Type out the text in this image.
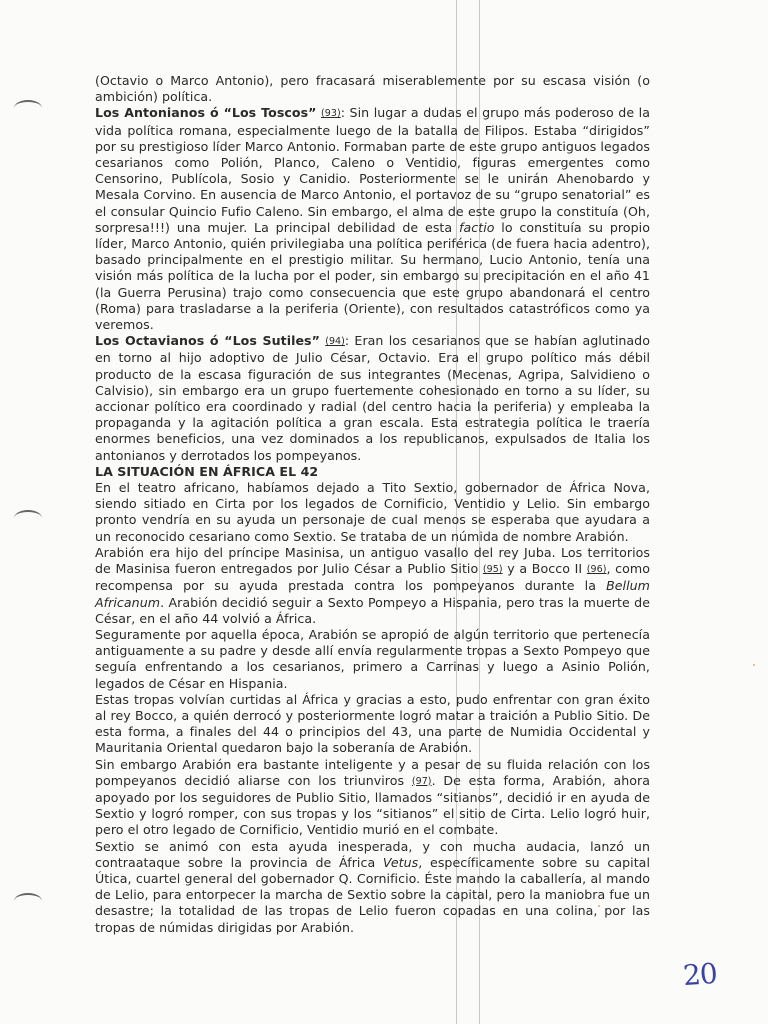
(Octavio o Marco Antonio), pero fracasará miserablemente por su escasa visión (o ambición) política.

Los Antonianos ó “Los Toscos” (93): Sin lugar a dudas el grupo más poderoso de la vida política romana, especialmente luego de la batalla de Filipos. Estaba “dirigidos” por su prestigioso líder Marco Antonio. Formaban parte de este grupo antiguos legados cesarianos como Polión, Planco, Caleno o Ventidio, figuras emergentes como Censorino, Publícola, Sosio y Canidio. Posteriormente se le unirán Ahenobardo y Mesala Corvino. En ausencia de Marco Antonio, el portavoz de su “grupo senatorial” es el consular Quincio Fufio Caleno. Sin embargo, el alma de este grupo la constituía (Oh, sorpresa!!!) una mujer. La principal debilidad de esta factio lo constituía su propio líder, Marco Antonio, quién privilegiaba una política periférica (de fuera hacia adentro), basado principalmente en el prestigio militar. Su hermano, Lucio Antonio, tenía una visión más política de la lucha por el poder, sin embargo su precipitación en el año 41 (la Guerra Perusina) trajo como consecuencia que este grupo abandonará el centro (Roma) para trasladarse a la periferia (Oriente), con resultados catastróficos como ya veremos.

Los Octavianos ó “Los Sutiles” (94): Eran los cesarianos que se habían aglutinado en torno al hijo adoptivo de Julio César, Octavio. Era el grupo político más débil producto de la escasa figuración de sus integrantes (Mecenas, Agripa, Salvidieno o Calvisio), sin embargo era un grupo fuertemente cohesionado en torno a su líder, su accionar político era coordinado y radial (del centro hacia la periferia) y empleaba la propaganda y la agitación política a gran escala. Esta estrategia política le traería enormes beneficios, una vez dominados a los republicanos, expulsados de Italia los antonianos y derrotados los pompeyanos.

LA SITUACIÓN EN ÁFRICA EL 42

En el teatro africano, habíamos dejado a Tito Sextio, gobernador de África Nova, siendo sitiado en Cirta por los legados de Cornificio, Ventidio y Lelio. Sin embargo pronto vendría en su ayuda un personaje de cual menos se esperaba que ayudara a un reconocido cesariano como Sextio. Se trataba de un númida de nombre Arabión.

Arabión era hijo del príncipe Masinisa, un antiguo vasallo del rey Juba. Los territorios de Masinisa fueron entregados por Julio César a Publio Sitio (95) y a Bocco II (96), como recompensa por su ayuda prestada contra los pompeyanos durante la Bellum Africanum. Arabión decidió seguir a Sexto Pompeyo a Hispania, pero tras la muerte de César, en el año 44 volvió a África.

Seguramente por aquella época, Arabión se apropió de algún territorio que pertenecía antiguamente a su padre y desde allí envía regularmente tropas a Sexto Pompeyo que seguía enfrentando a los cesarianos, primero a Carrinas y luego a Asinio Polión, legados de César en Hispania.

Estas tropas volvían curtidas al África y gracias a esto, pudo enfrentar con gran éxito al rey Bocco, a quién derrocó y posteriormente logró matar a traición a Publio Sitio. De esta forma, a finales del 44 o principios del 43, una parte de Numidia Occidental y Mauritania Oriental quedaron bajo la soberanía de Arabión.

Sin embargo Arabión era bastante inteligente y a pesar de su fluida relación con los pompeyanos decidió aliarse con los triunviros (97). De esta forma, Arabión, ahora apoyado por los seguidores de Publio Sitio, llamados “sitianos”, decidió ir en ayuda de Sextio y logró romper, con sus tropas y los “sitianos” el sitio de Cirta. Lelio logró huir, pero el otro legado de Cornificio, Ventidio murió en el combate.

Sextio se animó con esta ayuda inesperada, y con mucha audacia, lanzó un contraataque sobre la provincia de África Vetus, específicamente sobre su capital Útica, cuartel general del gobernador Q. Cornificio. Éste mando la caballería, al mando de Lelio, para entorpecer la marcha de Sextio sobre la capital, pero la maniobra fue un desastre; la totalidad de las tropas de Lelio fueron copadas en una colina, por las tropas de númidas dirigidas por Arabión.

20
